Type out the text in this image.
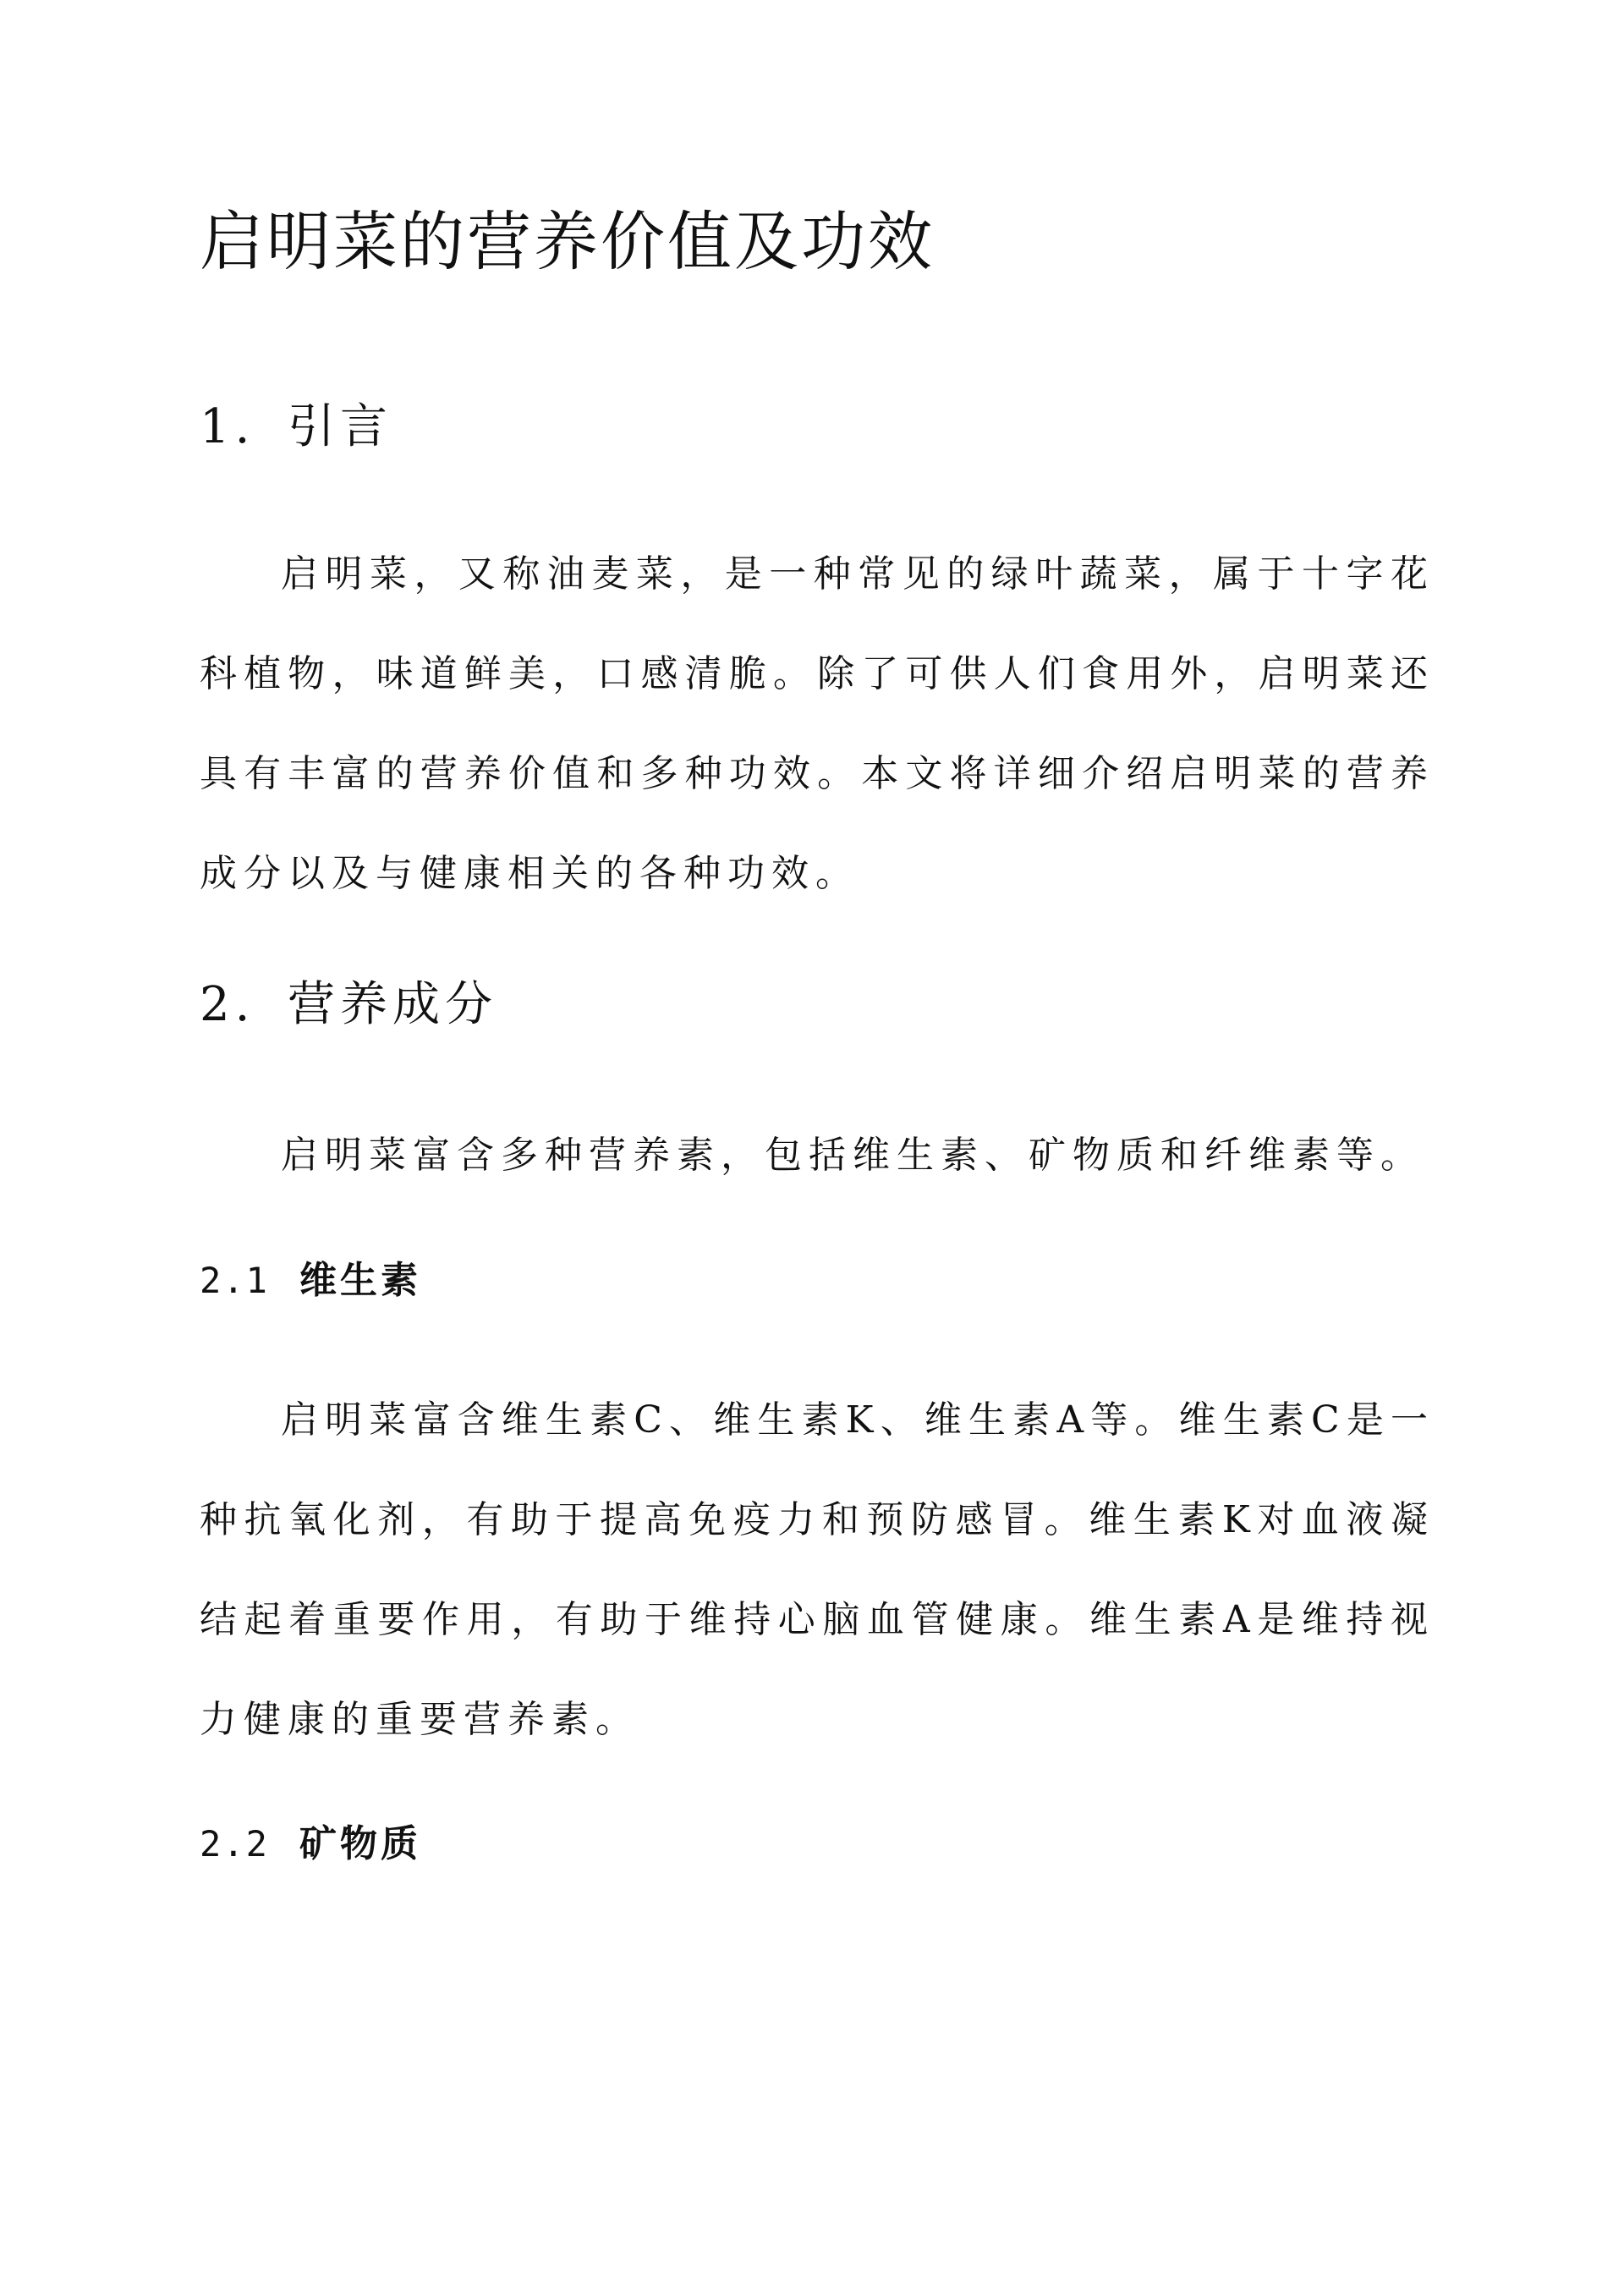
启明菜的营养价值及功效
1. 引言

启明菜，又称油麦菜，是一种常见的绿叶蔬菜，属于十字花科植物，味道鲜美，口感清脆。除了可供人们食用外，启明菜还具有丰富的营养价值和多种功效。本文将详细介绍启明菜的营养成分以及与健康相关的各种功效。

2. 营养成分

启明菜富含多种营养素，包括维生素、矿物质和纤维素等。

2.1 维生素

启明菜富含维生素C、维生素K、维生素A等。维生素C是一种抗氧化剂，有助于提高免疫力和预防感冒。维生素K对血液凝结起着重要作用，有助于维持心脑血管健康。维生素A是维持视力健康的重要营养素。

2.2 矿物质
